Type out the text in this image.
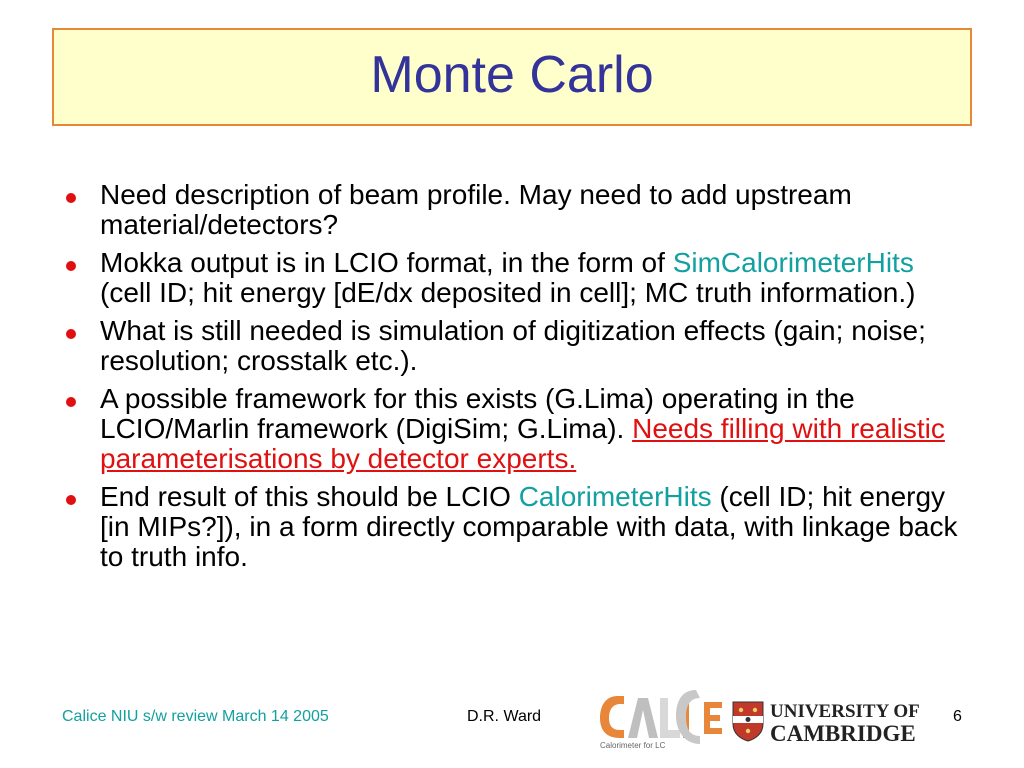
Monte Carlo
Need description of beam profile. May need to add upstream material/detectors?
Mokka output is in LCIO format, in the form of SimCalorimeterHits (cell ID; hit energy [dE/dx deposited in cell]; MC truth information.)
What is still needed is simulation of digitization effects (gain; noise; resolution; crosstalk etc.).
A possible framework for this exists (G.Lima) operating in the LCIO/Marlin framework (DigiSim; G.Lima). Needs filling with realistic parameterisations by detector experts.
End result of this should be LCIO CalorimeterHits (cell ID; hit energy [in MIPs?]), in a form directly comparable with data, with linkage back to truth info.
Calice NIU s/w review March 14 2005	D.R. Ward	6
Calorimeter for LC
UNIVERSITY OF
CAMBRIDGE
